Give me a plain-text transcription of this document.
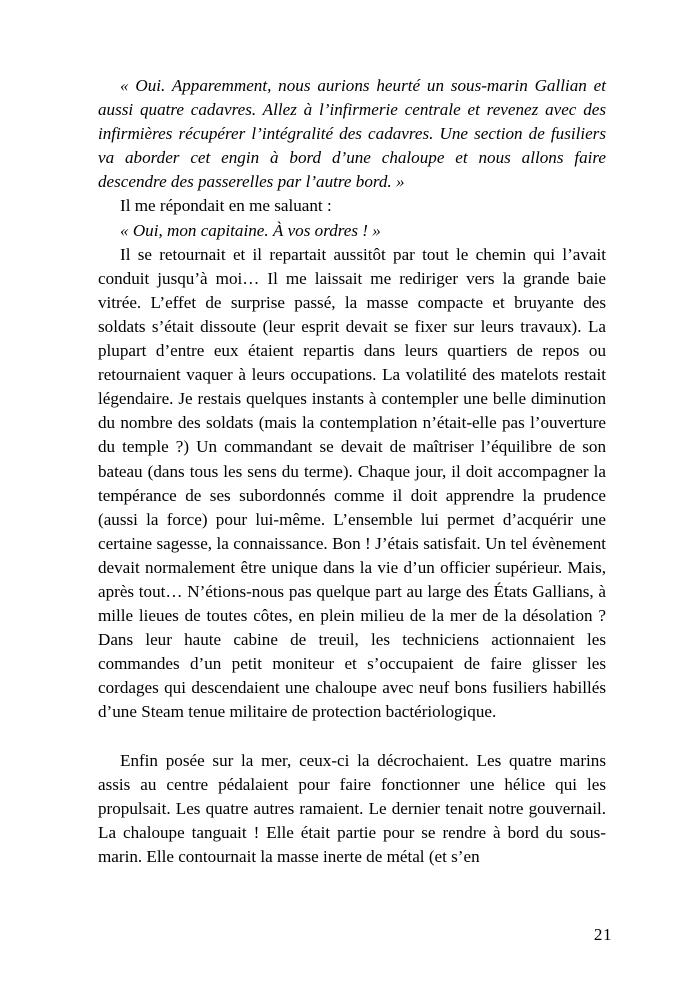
« Oui. Apparemment, nous aurions heurté un sous-marin Gallian et aussi quatre cadavres. Allez à l’infirmerie centrale et revenez avec des infirmières récupérer l’intégralité des cadavres. Une section de fusiliers va aborder cet engin à bord d’une chaloupe et nous allons faire descendre des passerelles par l’autre bord. »

Il me répondait en me saluant :

« Oui, mon capitaine. À vos ordres ! »

Il se retournait et il repartait aussitôt par tout le chemin qui l’avait conduit jusqu’à moi… Il me laissait me rediriger vers la grande baie vitrée. L’effet de surprise passé, la masse compacte et bruyante des soldats s’était dissoute (leur esprit devait se fixer sur leurs travaux). La plupart d’entre eux étaient repartis dans leurs quartiers de repos ou retournaient vaquer à leurs occupations. La volatilité des matelots restait légendaire. Je restais quelques instants à contempler une belle diminution du nombre des soldats (mais la contemplation n’était-elle pas l’ouverture du temple ?) Un commandant se devait de maîtriser l’équilibre de son bateau (dans tous les sens du terme). Chaque jour, il doit accompagner la tempérance de ses subordonnés comme il doit apprendre la prudence (aussi la force) pour lui-même. L’ensemble lui permet d’acquérir une certaine sagesse, la connaissance. Bon ! J’étais satisfait. Un tel évènement devait normalement être unique dans la vie d’un officier supérieur. Mais, après tout… N’étions-nous pas quelque part au large des États Gallians, à mille lieues de toutes côtes, en plein milieu de la mer de la désolation ? Dans leur haute cabine de treuil, les techniciens actionnaient les commandes d’un petit moniteur et s’occupaient de faire glisser les cordages qui descendaient une chaloupe avec neuf bons fusiliers habillés d’une Steam tenue militaire de protection bactériologique.

Enfin posée sur la mer, ceux-ci la décrochaient. Les quatre marins assis au centre pédalaient pour faire fonctionner une hélice qui les propulsait. Les quatre autres ramaient. Le dernier tenait notre gouvernail. La chaloupe tanguait ! Elle était partie pour se rendre à bord du sous-marin. Elle contournait la masse inerte de métal (et s’en

21
